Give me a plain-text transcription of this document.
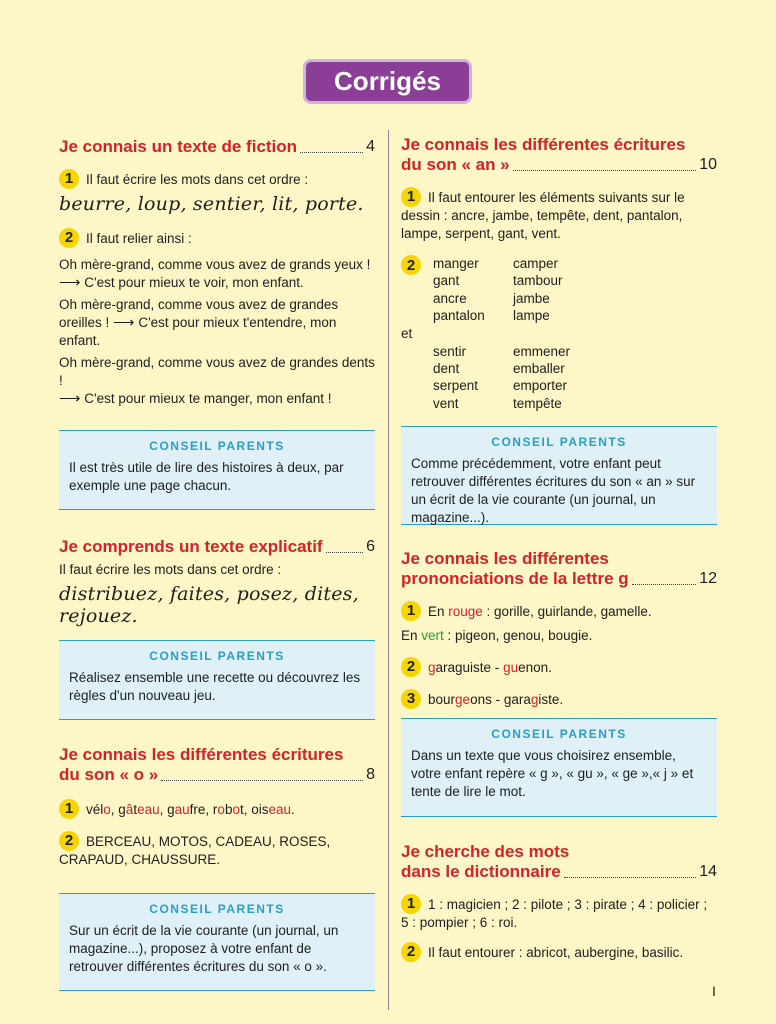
Corrigés
Je connais un texte de fiction	4
1 Il faut écrire les mots dans cet ordre :
beurre, loup, sentier, lit, porte.
2 Il faut relier ainsi :
Oh mère-grand, comme vous avez de grands yeux !
⟶ C'est pour mieux te voir, mon enfant.
Oh mère-grand, comme vous avez de grandes oreilles ! ⟶ C'est pour mieux t'entendre, mon enfant.
Oh mère-grand, comme vous avez de grandes dents !
⟶ C'est pour mieux te manger, mon enfant !
CONSEIL PARENTS
Il est très utile de lire des histoires à deux, par exemple une page chacun.
Je comprends un texte explicatif	6
Il faut écrire les mots dans cet ordre :
distribuez, faites, posez, dites, rejouez.
CONSEIL PARENTS
Réalisez ensemble une recette ou découvrez les règles d'un nouveau jeu.
Je connais les différentes écritures
du son « o »	8
1 vélo, gâteau, gaufre, robot, oiseau.
2 BERCEAU, MOTOS, CADEAU, ROSES, CRAPAUD, CHAUSSURE.
CONSEIL PARENTS
Sur un écrit de la vie courante (un journal, un magazine...), proposez à votre enfant de retrouver différentes écritures du son « o ».
Je connais les différentes écritures
du son « an »	10
1 Il faut entourer les éléments suivants sur le dessin : ancre, jambe, tempête, dent, pantalon, lampe, serpent, gant, vent.
2	manger	camper
gant	tambour
ancre	jambe
pantalon	lampe
et
sentir	emmener
dent	emballer
serpent	emporter
vent	tempête
CONSEIL PARENTS
Comme précédemment, votre enfant peut retrouver différentes écritures du son « an » sur un écrit de la vie courante (un journal, un magazine...).
Je connais les différentes
prononciations de la lettre g	12
1 En rouge : gorille, guirlande, gamelle.
En vert : pigeon, genou, bougie.
2 garaguiste - guenon.
3 bourgeons - garagiste.
CONSEIL PARENTS
Dans un texte que vous choisirez ensemble, votre enfant repère « g », « gu », « ge »,« j » et tente de lire le mot.
Je cherche des mots
dans le dictionnaire	14
1 1 : magicien ; 2 : pilote ; 3 : pirate ; 4 : policier ; 5 : pompier ; 6 : roi.
2 Il faut entourer : abricot, aubergine, basilic.
I
